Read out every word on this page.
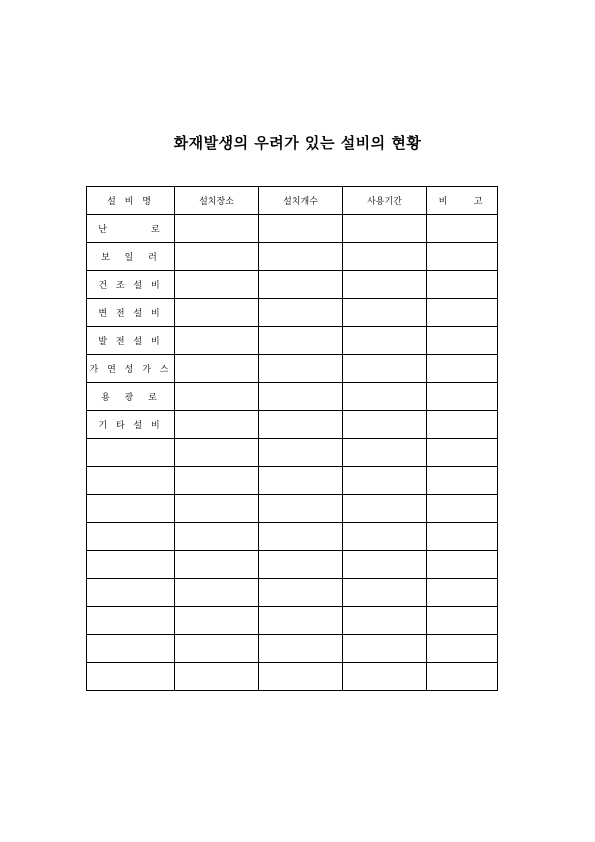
화재발생의 우려가 있는 설비의 현황
설 비 명	설치장소	설치개수	사용기간	비    고
난       로				
보  일  러				
건 조 설 비				
변 전 설 비				
발 전 설 비				
가 연 성 가 스				
용  광  로				
기 타 설 비				
